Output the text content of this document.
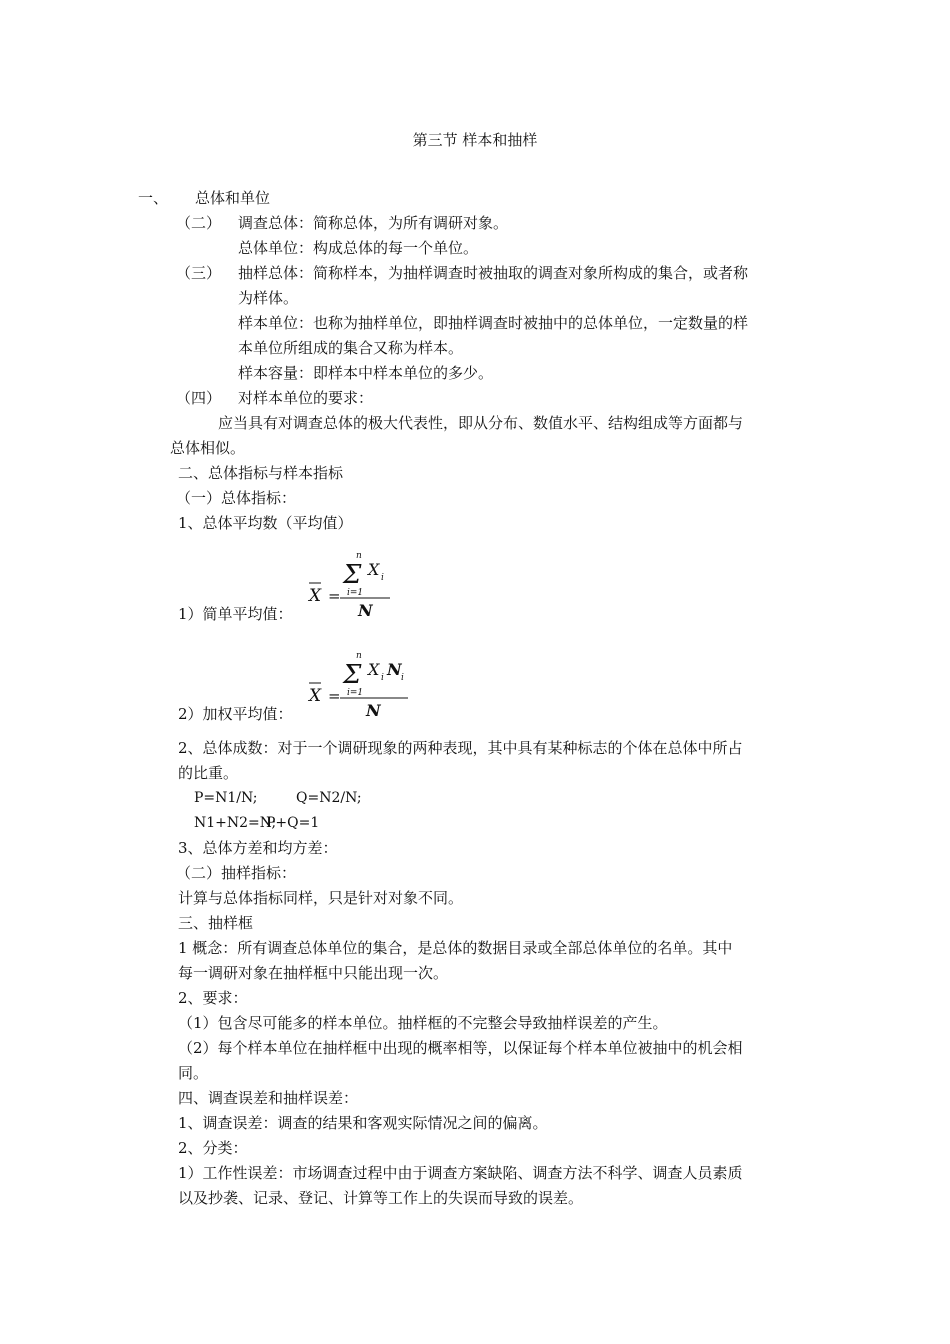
第三节 样本和抽样
一、 总体和单位
（二） 调查总体：简称总体，为所有调研对象。
总体单位：构成总体的每一个单位。
（三） 抽样总体：简称样本，为抽样调查时被抽取的调查对象所构成的集合，或者称
为样体。
样本单位：也称为抽样单位，即抽样调查时被抽中的总体单位，一定数量的样
本单位所组成的集合又称为样本。
样本容量：即样本中样本单位的多少。
（四） 对样本单位的要求：
应当具有对调查总体的极大代表性，即从分布、数值水平、结构组成等方面都与
总体相似。
二、总体指标与样本指标
（一）总体指标：
1、总体平均数（平均值）
X =
n
Σ
i=1
X i
N
1）简单平均值：
X =
n
Σ
i=1
X i N i
N
2）加权平均值：
2、总体成数：对于一个调研现象的两种表现，其中具有某种标志的个体在总体中所占
的比重。
P=N1/N;	Q=N2/N;
N1+N2=N;
P+Q=1
3、总体方差和均方差：
（二）抽样指标：
计算与总体指标同样，只是针对对象不同。
三、抽样框
1 概念：所有调查总体单位的集合，是总体的数据目录或全部总体单位的名单。其中
每一调研对象在抽样框中只能出现一次。
2、要求：
（1）包含尽可能多的样本单位。抽样框的不完整会导致抽样误差的产生。
（2）每个样本单位在抽样框中出现的概率相等，以保证每个样本单位被抽中的机会相
同。
四、调查误差和抽样误差：
1、调查误差：调查的结果和客观实际情况之间的偏离。
2、分类：
1）工作性误差：市场调查过程中由于调查方案缺陷、调查方法不科学、调查人员素质
以及抄袭、记录、登记、计算等工作上的失误而导致的误差。
